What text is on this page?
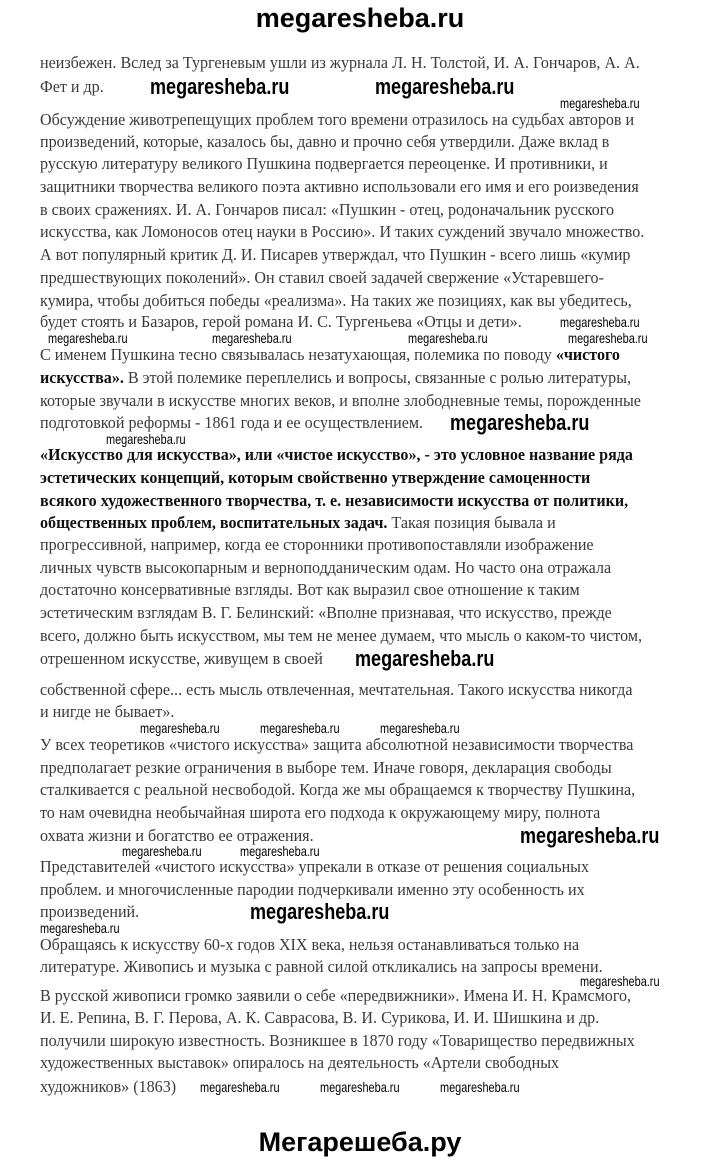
megaresheba.ru
неизбежен. Вслед за Тургеневым ушли из журнала Л. Н. Толстой, И. А. Гончаров, А. А.
Фет и др.
Обсуждение животрепещущих проблем того времени отразилось на судьбах авторов и
произведений, которые, казалось бы, давно и прочно себя утвердили. Даже вклад в
русскую литературу великого Пушкина подвергается переоценке. И противники, и
защитники творчества великого поэта активно использовали его имя и его роизведения
в своих сражениях. И. А. Гончаров писал: «Пушкин - отец, родоначальник русского
искусства, как Ломоносов отец науки в Россию». И таких суждений звучало множество.
А вот популярный критик Д. И. Писарев утверждал, что Пушкин - всего лишь «кумир
предшествующих поколений». Он ставил своей задачей свержение «Устаревшего-
кумира, чтобы добиться победы «реализма». На таких же позициях, как вы убедитесь,
будет стоять и Базаров, герой романа И. С. Тургеньева «Отцы и дети».
С именем Пушкина тесно связывалась незатухающая, полемика по поводу «чистого
искусства». В этой полемике переплелись и вопросы, связанные с ролью литературы,
которые звучали в искусстве многих веков, и вполне злободневные темы, порожденные
подготовкой реформы - 1861 года и ее осуществлением.
«Искусство для искусства», или «чистое искусство», - это условное название ряда
эстетических концепций, которым свойственно утверждение самоценности
всякого художественного творчества, т. е. независимости искусства от политики,
общественных проблем, воспитательных задач. Такая позиция бывала и
прогрессивной, например, когда ее сторонники противопоставляли изображение
личных чувств высокопарным и верноподданическим одам. Но часто она отражала
достаточно консервативные взгляды. Вот как выразил свое отношение к таким
эстетическим взглядам В. Г. Белинский: «Вполне признавая, что искусство, прежде
всего, должно быть искусством, мы тем не менее думаем, что мысль о каком-то чистом,
отрешенном искусстве, живущем в своей
собственной сфере... есть мысль отвлеченная, мечтательная. Такого искусства никогда
и нигде не бывает».
У всех теоретиков «чистого искусства» защита абсолютной независимости творчества
предполагает резкие ограничения в выборе тем. Иначе говоря, декларация свободы
сталкивается с реальной несвободой. Когда же мы обращаемся к творчеству Пушкина,
то нам очевидна необычайная широта его подхода к окружающему миру, полнота
охвата жизни и богатство ее отражения.
Представителей «чистого искусства» упрекали в отказе от решения социальных
проблем. и многочисленные пародии подчеркивали именно эту особенность их
произведений.
Обращаясь к искусству 60-х годов XIX века, нельзя останавливаться только на
литературе. Живопись и музыка с равной силой откликались на запросы времени.
В русской живописи громко заявили о себе «передвижники». Имена И. Н. Крамсмого,
И. Е. Репина, В. Г. Перова, А. К. Саврасова, В. И. Сурикова, И. И. Шишкина и др.
получили широкую известность. Возникшее в 1870 году «Товарищество передвижных
художественных выставок» опиралось на деятельность «Артели свободных
художников» (1863)
megaresheba.ru	megaresheba.ru
megaresheba.ru
megaresheba.ru
megaresheba.ru
megaresheba.ru
megaresheba.ru	megaresheba.ru	megaresheba.ru	megaresheba.ru
megaresheba.ru
megaresheba.ru
megaresheba.ru
megaresheba.ru	megaresheba.ru	megaresheba.ru
megaresheba.ru	megaresheba.ru
megaresheba.ru
megaresheba.ru
megaresheba.ru	megaresheba.ru	megaresheba.ru
Мегарешеба.ру
